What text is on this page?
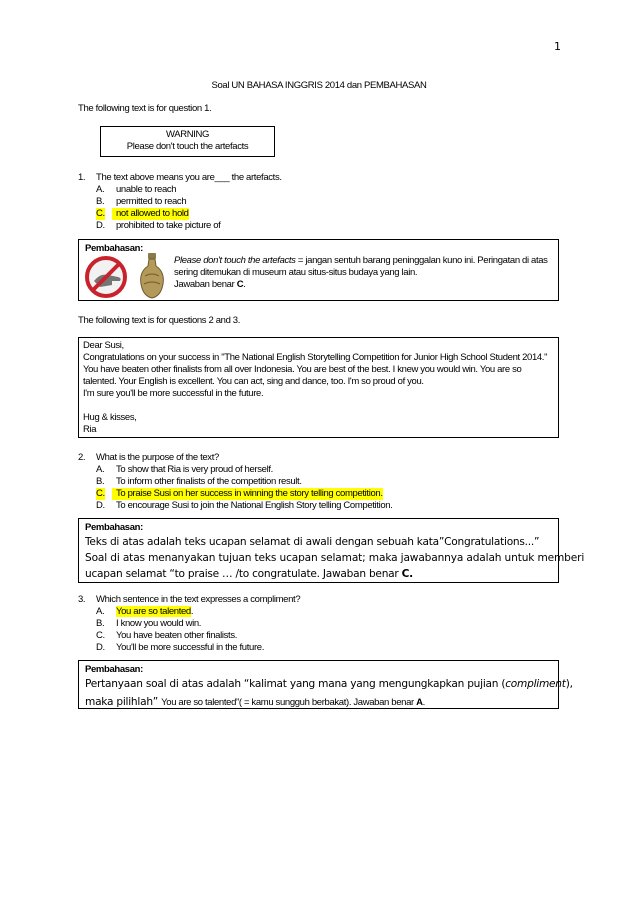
1
Soal UN BAHASA INGGRIS 2014 dan PEMBAHASAN
The following text is for question 1.
WARNING
Please don't touch the artefacts
1. The text above means you are___ the artefacts.
A. unable to reach
B. permitted to reach
C.	not allowed to hold
D. prohibited to take picture of
Pembahasan:
Please don't touch the artefacts = jangan sentuh barang peninggalan kuno ini. Peringatan di atas
sering ditemukan di museum atau situs-situs budaya yang lain.
Jawaban benar C.
The following text is for questions 2 and 3.
Dear Susi,
Congratulations on your success in "The National English Storytelling Competition for Junior High School Student 2014."
You have beaten other finalists from all over Indonesia. You are best of the best. I knew you would win. You are so
talented. Your English is excellent. You can act, sing and dance, too. I'm so proud of you.
I'm sure you'll be more successful in the future.
Hug & kisses,
Ria
2. What is the purpose of the text?
A. To show that Ria is very proud of herself.
B. To inform other finalists of the competition result.
C.	To praise Susi on her success in winning the story telling competition.
D. To encourage Susi to join the National English Story telling Competition.
Pembahasan:
Teks di atas adalah teks ucapan selamat di awali dengan sebuah kata”Congratulations...”
Soal di atas menanyakan tujuan teks ucapan selamat; maka jawabannya adalah untuk memberi
ucapan selamat “to praise … /to congratulate. Jawaban benar C.
3. Which sentence in the text expresses a compliment?
A. You are so talented.
B. I know you would win.
C. You have beaten other finalists.
D. You'll be more successful in the future.
Pembahasan:
Pertanyaan soal di atas adalah “kalimat yang mana yang mengungkapkan pujian (compliment),
maka pilihlah” You are so talented”( = kamu sungguh berbakat). Jawaban benar A.
